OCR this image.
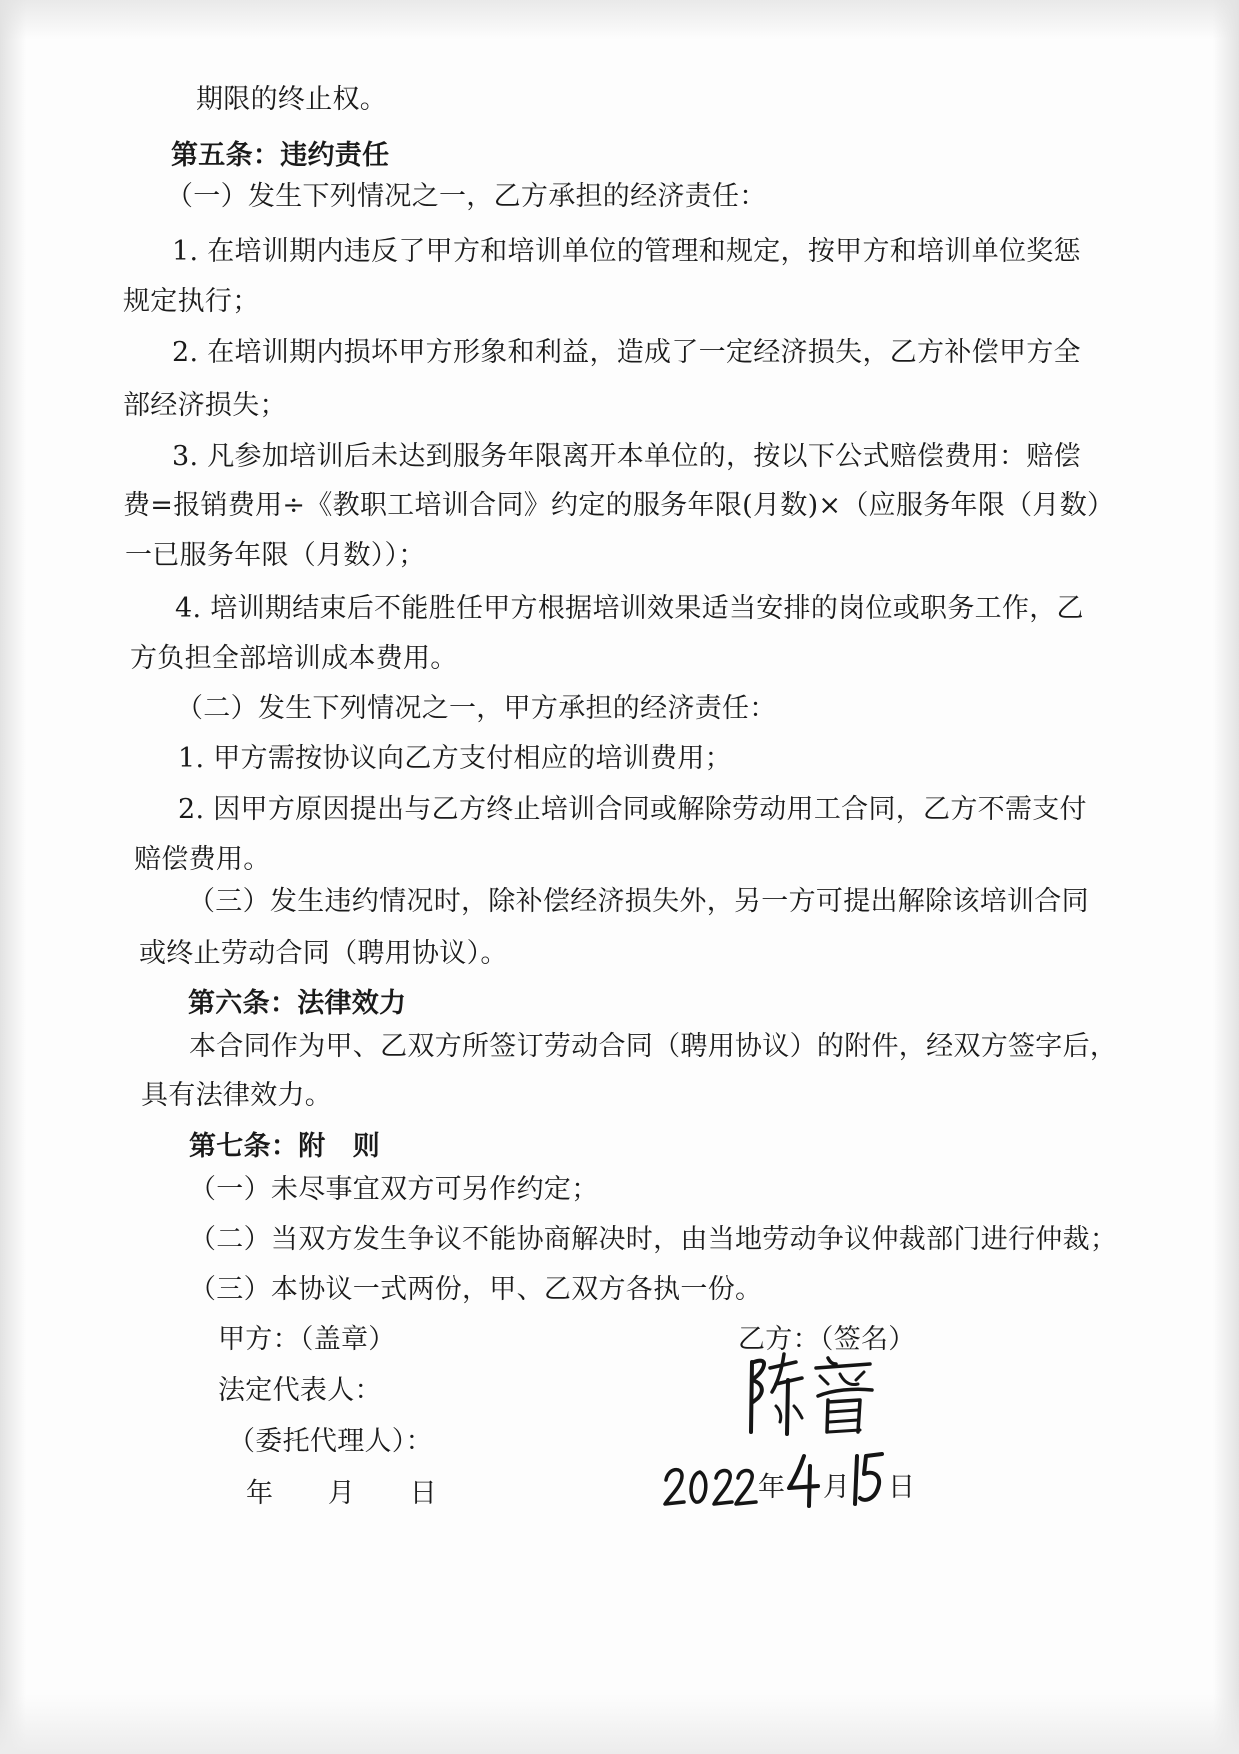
期限的终止权。
第五条：违约责任
（一）发生下列情况之一，乙方承担的经济责任：
1. 在培训期内违反了甲方和培训单位的管理和规定，按甲方和培训单位奖惩
规定执行；
2. 在培训期内损坏甲方形象和利益，造成了一定经济损失，乙方补偿甲方全
部经济损失；
3. 凡参加培训后未达到服务年限离开本单位的，按以下公式赔偿费用：赔偿
费=报销费用÷《教职工培训合同》约定的服务年限(月数)×（应服务年限（月数）
一已服务年限（月数））；
4. 培训期结束后不能胜任甲方根据培训效果适当安排的岗位或职务工作，乙
方负担全部培训成本费用。
（二）发生下列情况之一，甲方承担的经济责任：
1. 甲方需按协议向乙方支付相应的培训费用；
2. 因甲方原因提出与乙方终止培训合同或解除劳动用工合同，乙方不需支付
赔偿费用。
（三）发生违约情况时，除补偿经济损失外，另一方可提出解除该培训合同
或终止劳动合同（聘用协议）。
第六条：法律效力
本合同作为甲、乙双方所签订劳动合同（聘用协议）的附件，经双方签字后，
具有法律效力。
第七条：附　则
（一）未尽事宜双方可另作约定；
（二）当双方发生争议不能协商解决时，由当地劳动争议仲裁部门进行仲裁；
（三）本协议一式两份，甲、乙双方各执一份。
甲方：（盖章）
法定代表人：
（委托代理人）：
年　　月　　日
乙方：（签名）
年 月 日
